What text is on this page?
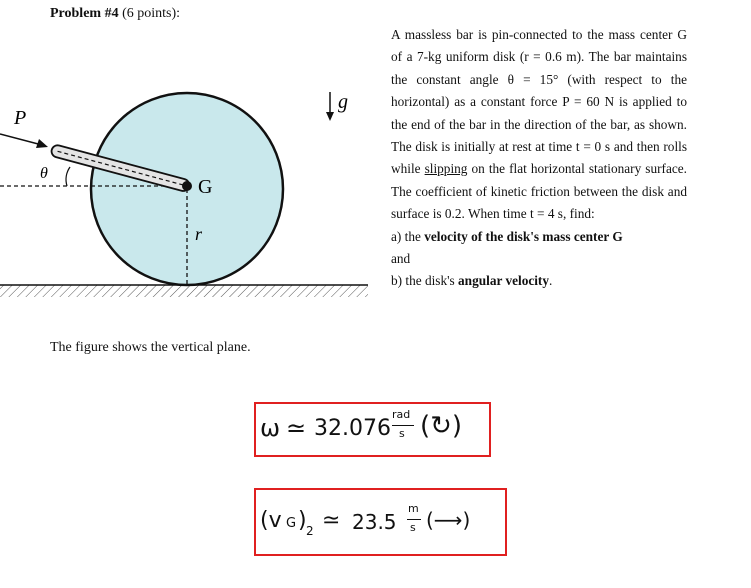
Problem #4 (6 points):
P
θ
G
r
g
A massless bar is pin-connected to the mass center G of a 7-kg uniform disk (r = 0.6 m). The bar maintains the constant angle θ = 15° (with respect to the horizontal) as a constant force P = 60 N is applied to the end of the bar in the direction of the bar, as shown. The disk is initially at rest at time t = 0 s and then rolls while slipping on the flat horizontal stationary surface. The coefficient of kinetic friction between the disk and surface is 0.2. When time t = 4 s, find:
a) the velocity of the disk's mass center G
and
b) the disk's angular velocity.
The figure shows the vertical plane.
ω ≃ 32.076
rad
s (↻)
(v G ) 2 ≃ 23.5
m
s (⟶)
